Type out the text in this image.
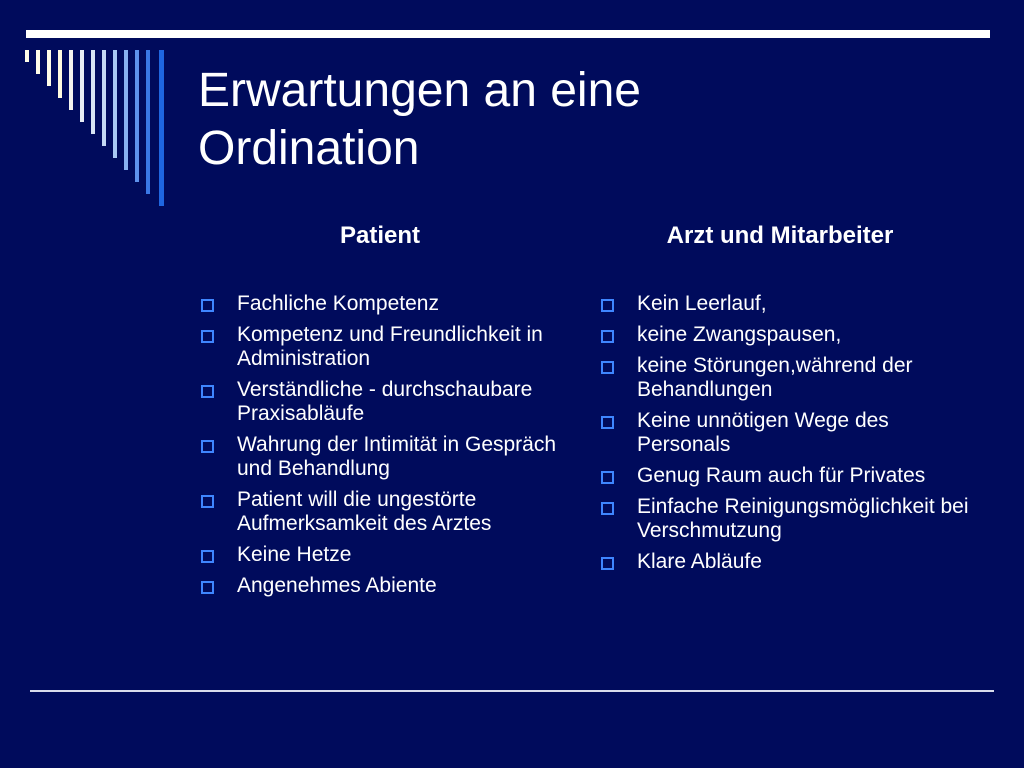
Erwartungen an eine
Ordination
Patient	Arzt und Mitarbeiter
Fachliche Kompetenz
Kompetenz und Freundlichkeit in Administration
Verständliche - durchschaubare Praxisabläufe
Wahrung der Intimität in Gespräch und Behandlung
Patient will die ungestörte Aufmerksamkeit des Arztes
Keine Hetze
Angenehmes Abiente
Kein Leerlauf,
keine Zwangspausen,
keine Störungen,während der Behandlungen
Keine unnötigen Wege des Personals
Genug Raum auch für Privates
Einfache Reinigungsmöglichkeit bei Verschmutzung
Klare Abläufe
